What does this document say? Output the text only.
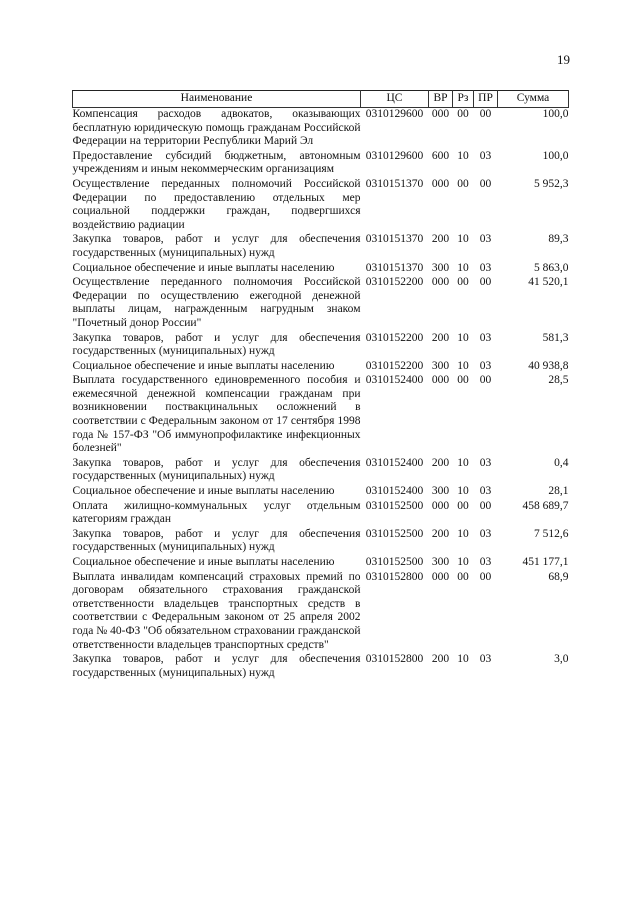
19
Наименование	ЦС	ВР	Рз	ПР	Сумма
Компенсация расходов адвокатов, оказывающих бесплатную юридическую помощь гражданам Российской Федерации на территории Республики Марий Эл	0310129600	000	00	00	100,0
Предоставление субсидий бюджетным, автономным учреждениям и иным некоммерческим организациям	0310129600	600	10	03	100,0
Осуществление переданных полномочий Российской Федерации по предоставлению отдельных мер социальной поддержки граждан, подвергшихся воздействию радиации	0310151370	000	00	00	5 952,3
Закупка товаров, работ и услуг для обеспечения государственных (муниципальных) нужд	0310151370	200	10	03	89,3
Социальное обеспечение и иные выплаты населению	0310151370	300	10	03	5 863,0
Осуществление переданного полномочия Российской Федерации по осуществлению ежегодной денежной выплаты лицам, награжденным нагрудным знаком "Почетный донор России"	0310152200	000	00	00	41 520,1
Закупка товаров, работ и услуг для обеспечения государственных (муниципальных) нужд	0310152200	200	10	03	581,3
Социальное обеспечение и иные выплаты населению	0310152200	300	10	03	40 938,8
Выплата государственного единовременного пособия и ежемесячной денежной компенсации гражданам при возникновении поствакцинальных осложнений в соответствии с Федеральным законом от 17 сентября 1998 года № 157-ФЗ "Об иммунопрофилактике инфекционных болезней"	0310152400	000	00	00	28,5
Закупка товаров, работ и услуг для обеспечения государственных (муниципальных) нужд	0310152400	200	10	03	0,4
Социальное обеспечение и иные выплаты населению	0310152400	300	10	03	28,1
Оплата жилищно-коммунальных услуг отдельным категориям граждан	0310152500	000	00	00	458 689,7
Закупка товаров, работ и услуг для обеспечения государственных (муниципальных) нужд	0310152500	200	10	03	7 512,6
Социальное обеспечение и иные выплаты населению	0310152500	300	10	03	451 177,1
Выплата инвалидам компенсаций страховых премий по договорам обязательного страхования гражданской ответственности владельцев транспортных средств в соответствии с Федеральным законом от 25 апреля 2002 года № 40-ФЗ "Об обязательном страховании гражданской ответственности владельцев транспортных средств"	0310152800	000	00	00	68,9
Закупка товаров, работ и услуг для обеспечения государственных (муниципальных) нужд	0310152800	200	10	03	3,0
